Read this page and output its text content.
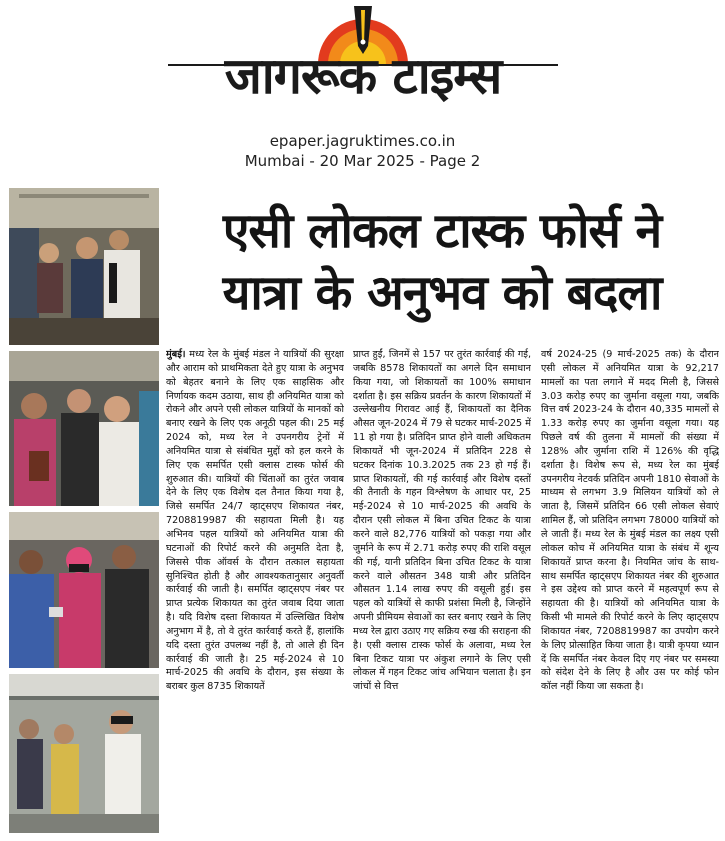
जागरूक टाइम्स
epaper.jagruktimes.co.in
Mumbai - 20 Mar 2025 - Page 2
एसी लोकल टास्क फोर्स ने
यात्रा के अनुभव को बदला

मुंबई। मध्य रेल के मुंबई मंडल ने यात्रियों की सुरक्षा और आराम को प्राथमिकता देते हुए यात्रा के अनुभव को बेहतर बनाने के लिए एक साहसिक और निर्णायक कदम उठाया, साथ ही अनियमित यात्रा को रोकने और अपने एसी लोकल यात्रियों के मानकों को बनाए रखने के लिए एक अनूठी पहल की। 25 मई 2024 को, मध्य रेल ने उपनगरीय ट्रेनों में अनियमित यात्रा से संबंधित मुद्दों को हल करने के लिए एक समर्पित एसी क्लास टास्क फोर्स की शुरुआत की। यात्रियों की चिंताओं का तुरंत जवाब देने के लिए एक विशेष दल तैनात किया गया है, जिसे समर्पित 24/7 व्हाट्सएप शिकायत नंबर, 7208819987 की सहायता मिली है। यह अभिनव पहल यात्रियों को अनियमित यात्रा की घटनाओं की रिपोर्ट करने की अनुमति देता है, जिससे पीक ऑवर्स के दौरान तत्काल सहायता सुनिश्चित होती है और आवश्यकतानुसार अनुवर्ती कार्रवाई की जाती है। समर्पित व्हाट्सएप नंबर पर प्राप्त प्रत्येक शिकायत का तुरंत जवाब दिया जाता है। यदि विशेष दस्ता शिकायत में उल्लिखित विशेष अनुभाग में है, तो वे तुरंत कार्रवाई करते हैं, हालांकि यदि दस्ता तुरंत उपलब्ध नहीं है, तो आले ही दिन कार्रवाई की जाती है। 25 मई-2024 से 10 मार्च-2025 की अवधि के दौरान, इस संख्या के बराबर कुल 8735 शिकायतें

प्राप्त हुईं, जिनमें से 157 पर तुरंत कार्रवाई की गई, जबकि 8578 शिकायतों का अगले दिन समाधान किया गया, जो शिकायतों का 100% समाधान दर्शाता है। इस सक्रिय प्रवर्तन के कारण शिकायतों में उल्लेखनीय गिरावट आई हैं, शिकायतों का दैनिक औसत जून-2024 में 79 से घटकर मार्च-2025 में 11 हो गया है। प्रतिदिन प्राप्त होने वाली अधिकतम शिकायतें भी जून-2024 में प्रतिदिन 228 से घटकर दिनांक 10.3.2025 तक 23 हो गई हैं। प्राप्त शिकायतों, की गई कार्रवाई और विशेष दस्तों की तैनाती के गहन विश्लेषण के आधार पर, 25 मई-2024 से 10 मार्च-2025 की अवधि के दौरान एसी लोकल में बिना उचित टिकट के यात्रा करने वाले 82,776 यात्रियों को पकड़ा गया और जुर्माने के रूप में 2.71 करोड़ रुपए की राशि वसूल की गई, यानी प्रतिदिन बिना उचित टिकट के यात्रा करने वाले औसतन 348 यात्री और प्रतिदिन औसतन 1.14 लाख रुपए की वसूली हुई। इस पहल को यात्रियों से काफी प्रशंसा मिली है, जिन्होंने अपनी प्रीमियम सेवाओं का स्तर बनाए रखने के लिए मध्य रेल द्वारा उठाए गए सक्रिय रुख की सराहना की है। एसी क्लास टास्क फोर्स के अलावा, मध्य रेल बिना टिकट यात्रा पर अंकुश लगाने के लिए एसी लोकल में गहन टिकट जांच अभियान चलाता है। इन जांचों से वित्त

वर्ष 2024-25 (9 मार्च-2025 तक) के दौरान एसी लोकल में अनियमित यात्रा के 92,217 मामलों का पता लगाने में मदद मिली है, जिससे 3.03 करोड़ रुपए का जुर्माना वसूला गया, जबकि वित्त वर्ष 2023-24 के दौरान 40,335 मामलों से 1.33 करोड़ रुपए का जुर्माना वसूला गया। यह पिछले वर्ष की तुलना में मामलों की संख्या में 128% और जुर्माना राशि में 126% की वृद्धि दर्शाता है। विशेष रूप से, मध्य रेल का मुंबई उपनगरीय नेटवर्क प्रतिदिन अपनी 1810 सेवाओं के माध्यम से लगभग 3.9 मिलियन यात्रियों को ले जाता है, जिसमें प्रतिदिन 66 एसी लोकल सेवाएं शामिल हैं, जो प्रतिदिन लगभग 78000 यात्रियों को ले जाती हैं। मध्य रेल के मुंबई मंडल का लक्ष्य एसी लोकल कोच में अनियमित यात्रा के संबंध में शून्य शिकायतें प्राप्त करना है। नियमित जांच के साथ-साथ समर्पित व्हाट्सएप शिकायत नंबर की शुरुआत ने इस उद्देश्य को प्राप्त करने में महत्वपूर्ण रूप से सहायता की है। यात्रियों को अनियमित यात्रा के किसी भी मामले की रिपोर्ट करने के लिए व्हाट्सएप शिकायत नंबर, 7208819987 का उपयोग करने के लिए प्रोत्साहित किया जाता है। यात्री कृपया ध्यान दें कि समर्पित नंबर केवल दिए गए नंबर पर समस्या को संदेश देने के लिए है और उस पर कोई फोन कॉल नहीं किया जा सकता है।
